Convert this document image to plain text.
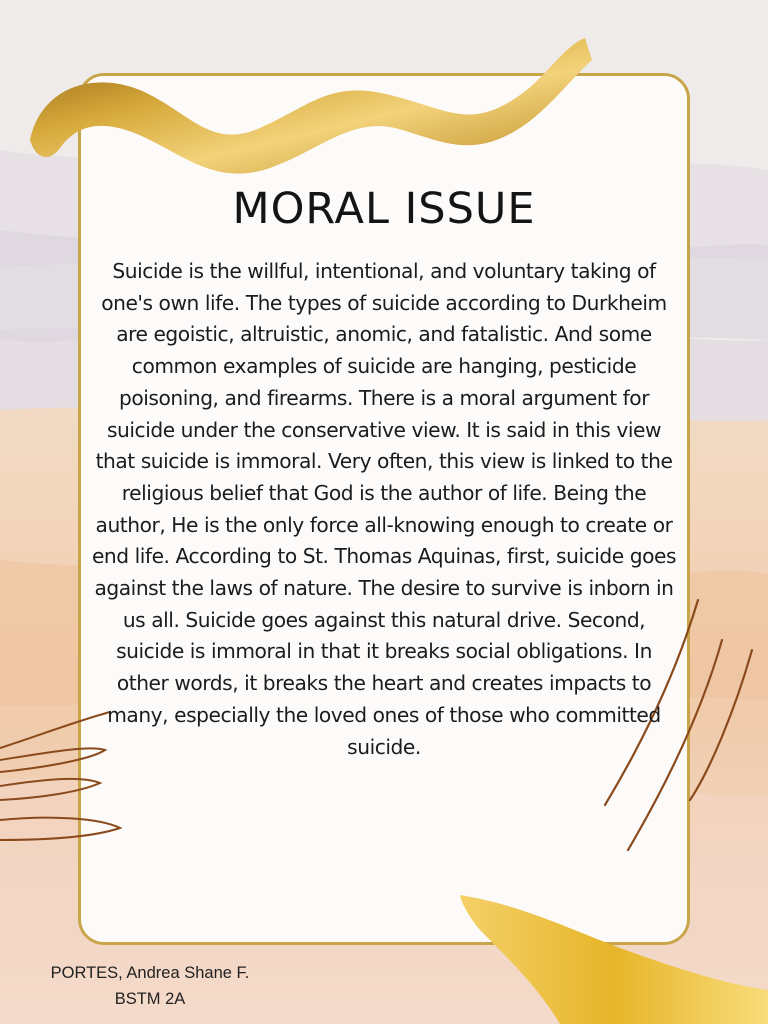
MORAL ISSUE

Suicide is the willful, intentional, and voluntary taking of one's own life. The types of suicide according to Durkheim are egoistic, altruistic, anomic, and fatalistic. And some common examples of suicide are hanging, pesticide poisoning, and firearms. There is a moral argument for suicide under the conservative view. It is said in this view that suicide is immoral. Very often, this view is linked to the religious belief that God is the author of life. Being the author, He is the only force all-knowing enough to create or end life. According to St. Thomas Aquinas, first, suicide goes against the laws of nature. The desire to survive is inborn in us all. Suicide goes against this natural drive. Second, suicide is immoral in that it breaks social obligations. In other words, it breaks the heart and creates impacts to many, especially the loved ones of those who committed suicide.

PORTES, Andrea Shane F.
BSTM 2A
